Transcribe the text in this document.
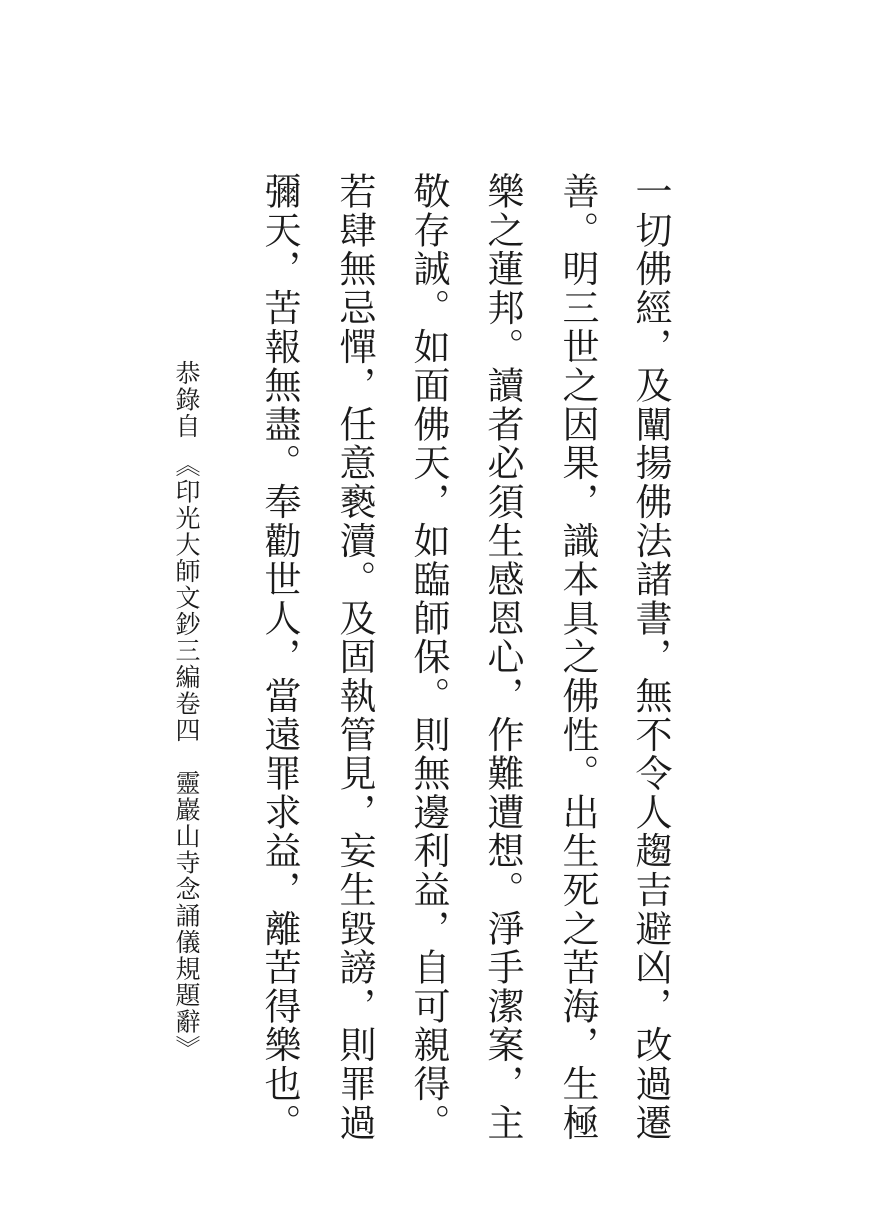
一切佛經，及闡揚佛法諸書，無不令人趨吉避凶，改過遷

善。明三世之因果，識本具之佛性。出生死之苦海，生極

樂之蓮邦。讀者必須生感恩心，作難遭想。淨手潔案，主

敬存誠。如面佛天，如臨師保。則無邊利益，自可親得。

若肆無忌憚，任意褻瀆。及固執管見，妄生毀謗，則罪過

彌天，苦報無盡。奉勸世人，當遠罪求益，離苦得樂也。

恭錄自

《印光大師文鈔三編卷四　靈巖山寺念誦儀規題辭》
